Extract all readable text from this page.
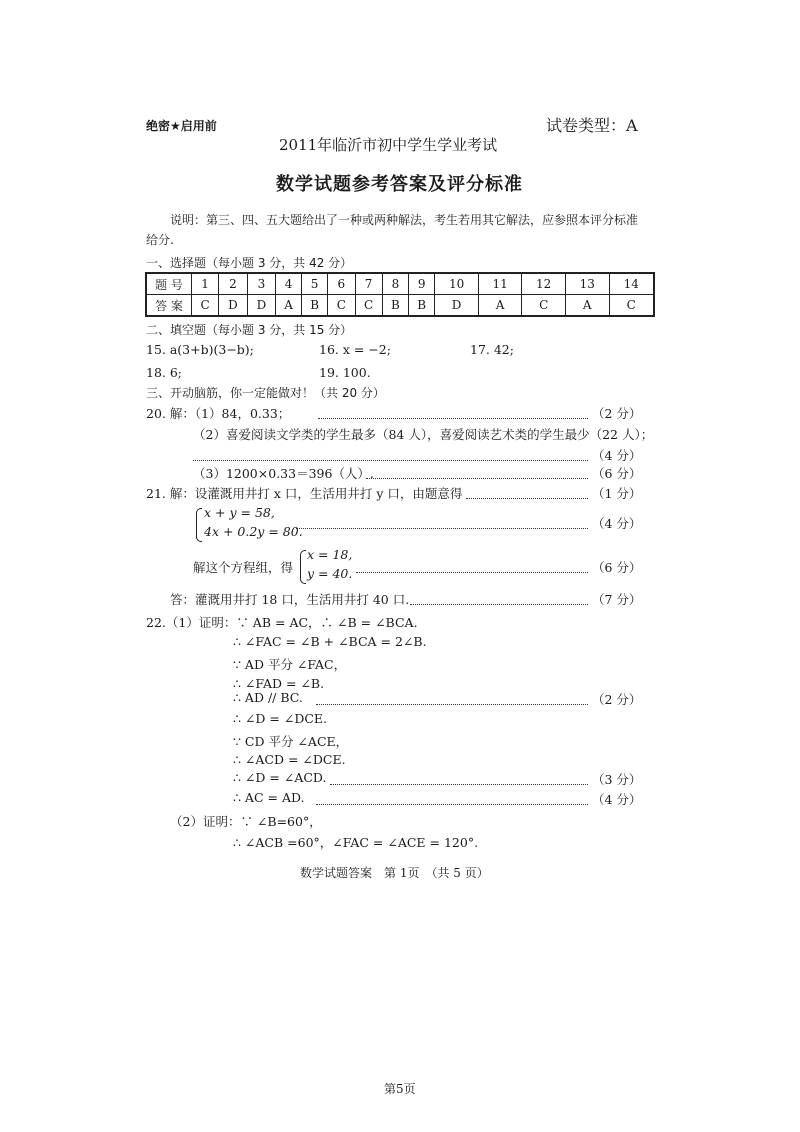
绝密★启用前	试卷类型：A
2011年临沂市初中学生学业考试
数学试题参考答案及评分标准
说明：第三、四、五大题给出了一种或两种解法，考生若用其它解法，应参照本评分标准
给分.
一、选择题（每小题 3 分，共 42 分）
题 号	1	2	3	4	5	6	7	8	9	10	11	12	13	14
答 案	C	D	D	A	B	C	C	B	B	D	A	C	A	C
二、填空题（每小题 3 分，共 15 分）
15. a(3+b)(3−b);	16. x = −2;	17. 42;
18. 6;	19. 100.
三、开动脑筋，你一定能做对！（共 20 分）
20. 解：（1）84，0.33；	（2 分）
（2）喜爱阅读文学类的学生最多（84 人），喜爱阅读艺术类的学生最少（22 人）；
（4 分）
（3）1200×0.33＝396（人）.	（6 分）
21. 解：设灌溉用井打 x 口，生活用井打 y 口，由题意得	（1 分）
x + y = 58,
4x + 0.2y = 80.
（4 分）
解这个方程组，得
x = 18,
y = 40.	（6 分）
答：灌溉用井打 18 口，生活用井打 40 口.	（7 分）
22.（1）证明：∵ AB = AC，∴ ∠B = ∠BCA.
∴ ∠FAC = ∠B + ∠BCA = 2∠B.
∵ AD 平分 ∠FAC，
∴ ∠FAD = ∠B.
∴ AD // BC.	（2 分）
∴ ∠D = ∠DCE.
∵ CD 平分 ∠ACE，
∴ ∠ACD = ∠DCE.
∴ ∠D = ∠ACD.	（3 分）
∴ AC = AD.	（4 分）
（2）证明：∵ ∠B=60°，
∴ ∠ACB =60°，∠FAC = ∠ACE = 120°.
数学试题答案　第 1页　（共 5 页）
第5页
